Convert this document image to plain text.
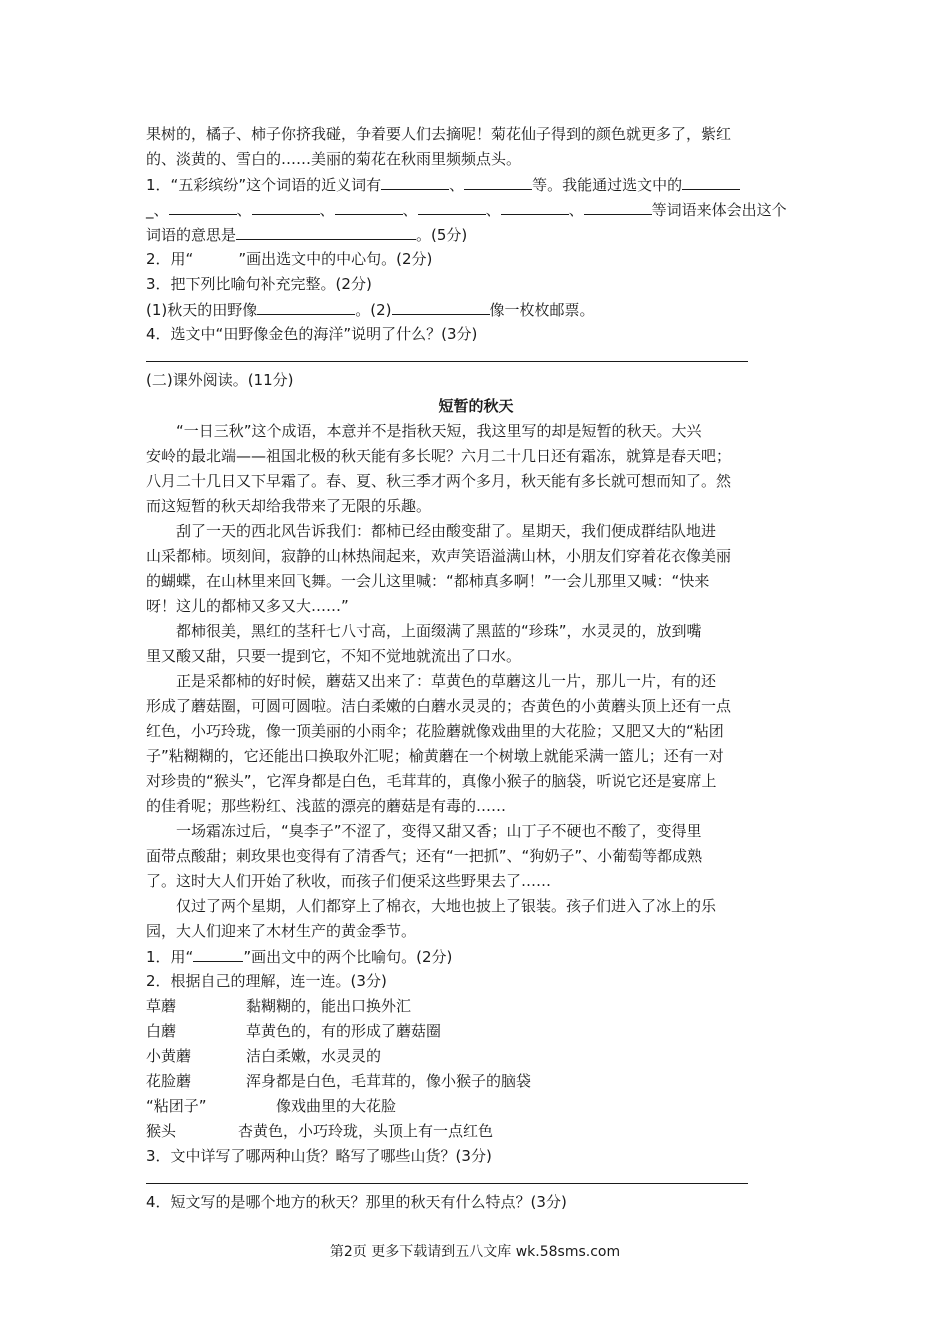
果树的，橘子、柿子你挤我碰，争着要人们去摘呢！菊花仙子得到的颜色就更多了，紫红
的、淡黄的、雪白的……美丽的菊花在秋雨里频频点头。
1．“五彩缤纷”这个词语的近义词有	、	等。我能通过选文中的
_、	、	、	、	、	、	等词语来体会出这个
词语的意思是	。(5分)
2．用“　　　”画出选文中的中心句。(2分)
3．把下列比喻句补充完整。(2分)
(1)秋天的田野像	。(2)	像一枚枚邮票。
4．选文中“田野像金色的海洋”说明了什么？(3分)
(二)课外阅读。(11分)
短暂的秋天
“一日三秋”这个成语，本意并不是指秋天短，我这里写的却是短暂的秋天。大兴
安岭的最北端——祖国北极的秋天能有多长呢？六月二十几日还有霜冻，就算是春天吧；
八月二十几日又下早霜了。春、夏、秋三季才两个多月，秋天能有多长就可想而知了。然
而这短暂的秋天却给我带来了无限的乐趣。
刮了一天的西北风告诉我们：都柿已经由酸变甜了。星期天，我们便成群结队地进
山采都柿。顷刻间，寂静的山林热闹起来，欢声笑语溢满山林，小朋友们穿着花衣像美丽
的蝴蝶，在山林里来回飞舞。一会儿这里喊：“都柿真多啊！”一会儿那里又喊：“快来
呀！这儿的都柿又多又大……”
都柿很美，黑红的茎秆七八寸高，上面缀满了黑蓝的“珍珠”，水灵灵的，放到嘴
里又酸又甜，只要一提到它，不知不觉地就流出了口水。
正是采都柿的好时候，蘑菇又出来了：草黄色的草蘑这儿一片，那儿一片，有的还
形成了蘑菇圈，可圆可圆啦。洁白柔嫩的白蘑水灵灵的；杏黄色的小黄蘑头顶上还有一点
红色，小巧玲珑，像一顶美丽的小雨伞；花脸蘑就像戏曲里的大花脸；又肥又大的“粘团
子”粘糊糊的，它还能出口换取外汇呢；榆黄蘑在一个树墩上就能采满一篮儿；还有一对
对珍贵的“猴头”，它浑身都是白色，毛茸茸的，真像小猴子的脑袋，听说它还是宴席上
的佳肴呢；那些粉红、浅蓝的漂亮的蘑菇是有毒的……
一场霜冻过后，“臭李子”不涩了，变得又甜又香；山丁子不硬也不酸了，变得里
面带点酸甜；刺玫果也变得有了清香气；还有“一把抓”、“狗奶子”、小葡萄等都成熟
了。这时大人们开始了秋收，而孩子们便采这些野果去了……
仅过了两个星期，人们都穿上了棉衣，大地也披上了银装。孩子们进入了冰上的乐
园，大人们迎来了木材生产的黄金季节。
1．用“	”画出文中的两个比喻句。(2分)
2．根据自己的理解，连一连。(3分)
草蘑	黏糊糊的，能出口换外汇
白蘑	草黄色的，有的形成了蘑菇圈
小黄蘑	洁白柔嫩，水灵灵的
花脸蘑	浑身都是白色，毛茸茸的，像小猴子的脑袋
“粘团子”	像戏曲里的大花脸
猴头	杏黄色，小巧玲珑，头顶上有一点红色
3．文中详写了哪两种山货？略写了哪些山货？(3分)
4．短文写的是哪个地方的秋天？那里的秋天有什么特点？(3分)
第2页 更多下载请到五八文库 wk.58sms.com
